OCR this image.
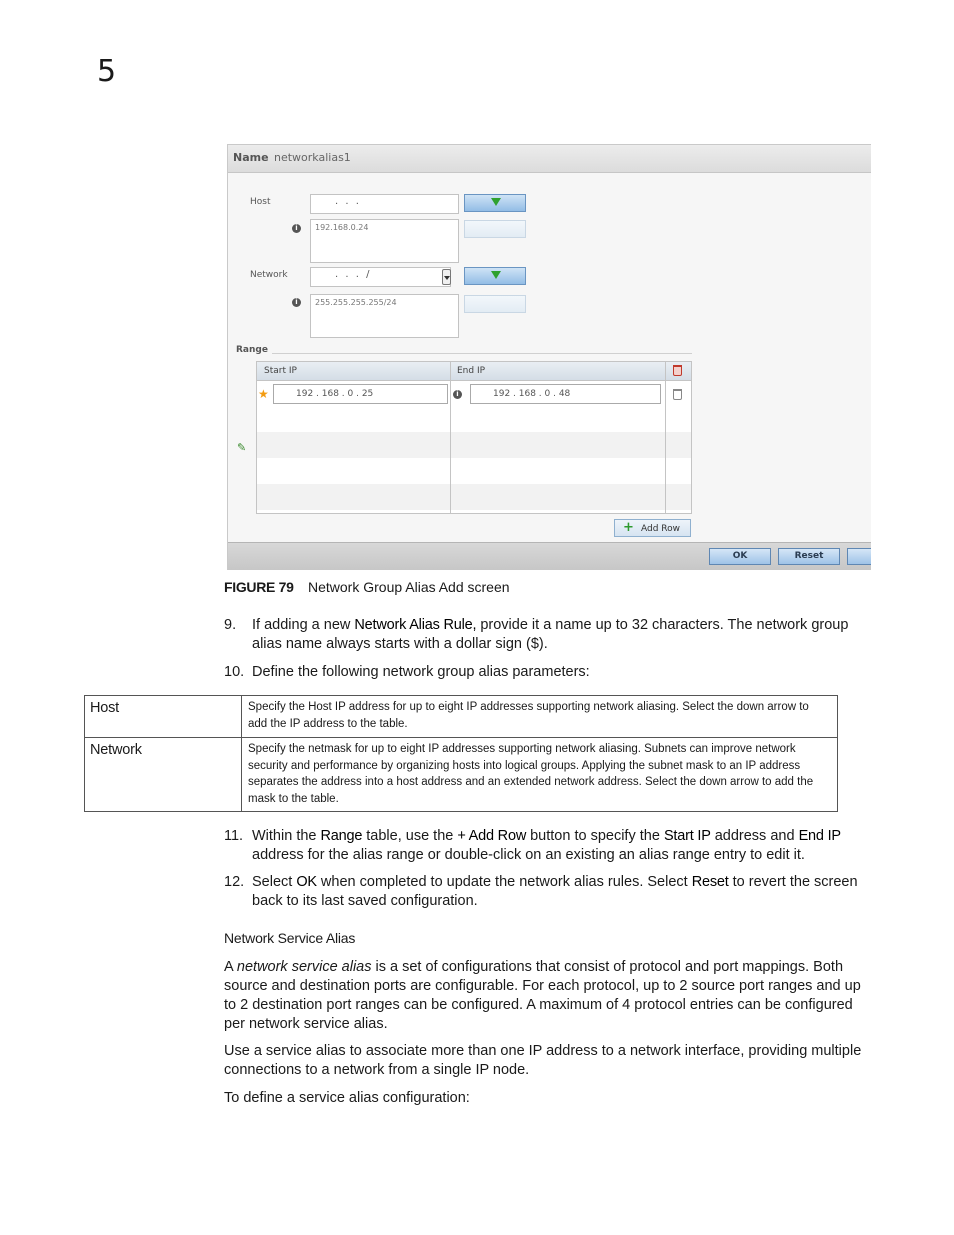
5
Name networkalias1
Host	. . .
i	192.168.0.24
Network	. . . /
i	255.255.255.255/24
Range
Start IP	End IP
192 . 168 . 0 . 25	i	192 . 168 . 0 . 48
★
✎
+ Add Row
OK	Reset
FIGURE 79 Network Group Alias Add screen
9. If adding a new Network Alias Rule, provide it a name up to 32 characters. The network group alias name always starts with a dollar sign ($).
10. Define the following network group alias parameters:
Host	Specify the Host IP address for up to eight IP addresses supporting network aliasing. Select the down arrow to add the IP address to the table.
Network	Specify the netmask for up to eight IP addresses supporting network aliasing. Subnets can improve network security and performance by organizing hosts into logical groups. Applying the subnet mask to an IP address separates the address into a host address and an extended network address. Select the down arrow to add the mask to the table.
11. Within the Range table, use the + Add Row button to specify the Start IP address and End IP address for the alias range or double-click on an existing an alias range entry to edit it.
12. Select OK when completed to update the network alias rules. Select Reset to revert the screen back to its last saved configuration.
Network Service Alias
A network service alias is a set of configurations that consist of protocol and port mappings. Both source and destination ports are configurable. For each protocol, up to 2 source port ranges and up to 2 destination port ranges can be configured. A maximum of 4 protocol entries can be configured per network service alias.
Use a service alias to associate more than one IP address to a network interface, providing multiple connections to a network from a single IP node.
To define a service alias configuration:
